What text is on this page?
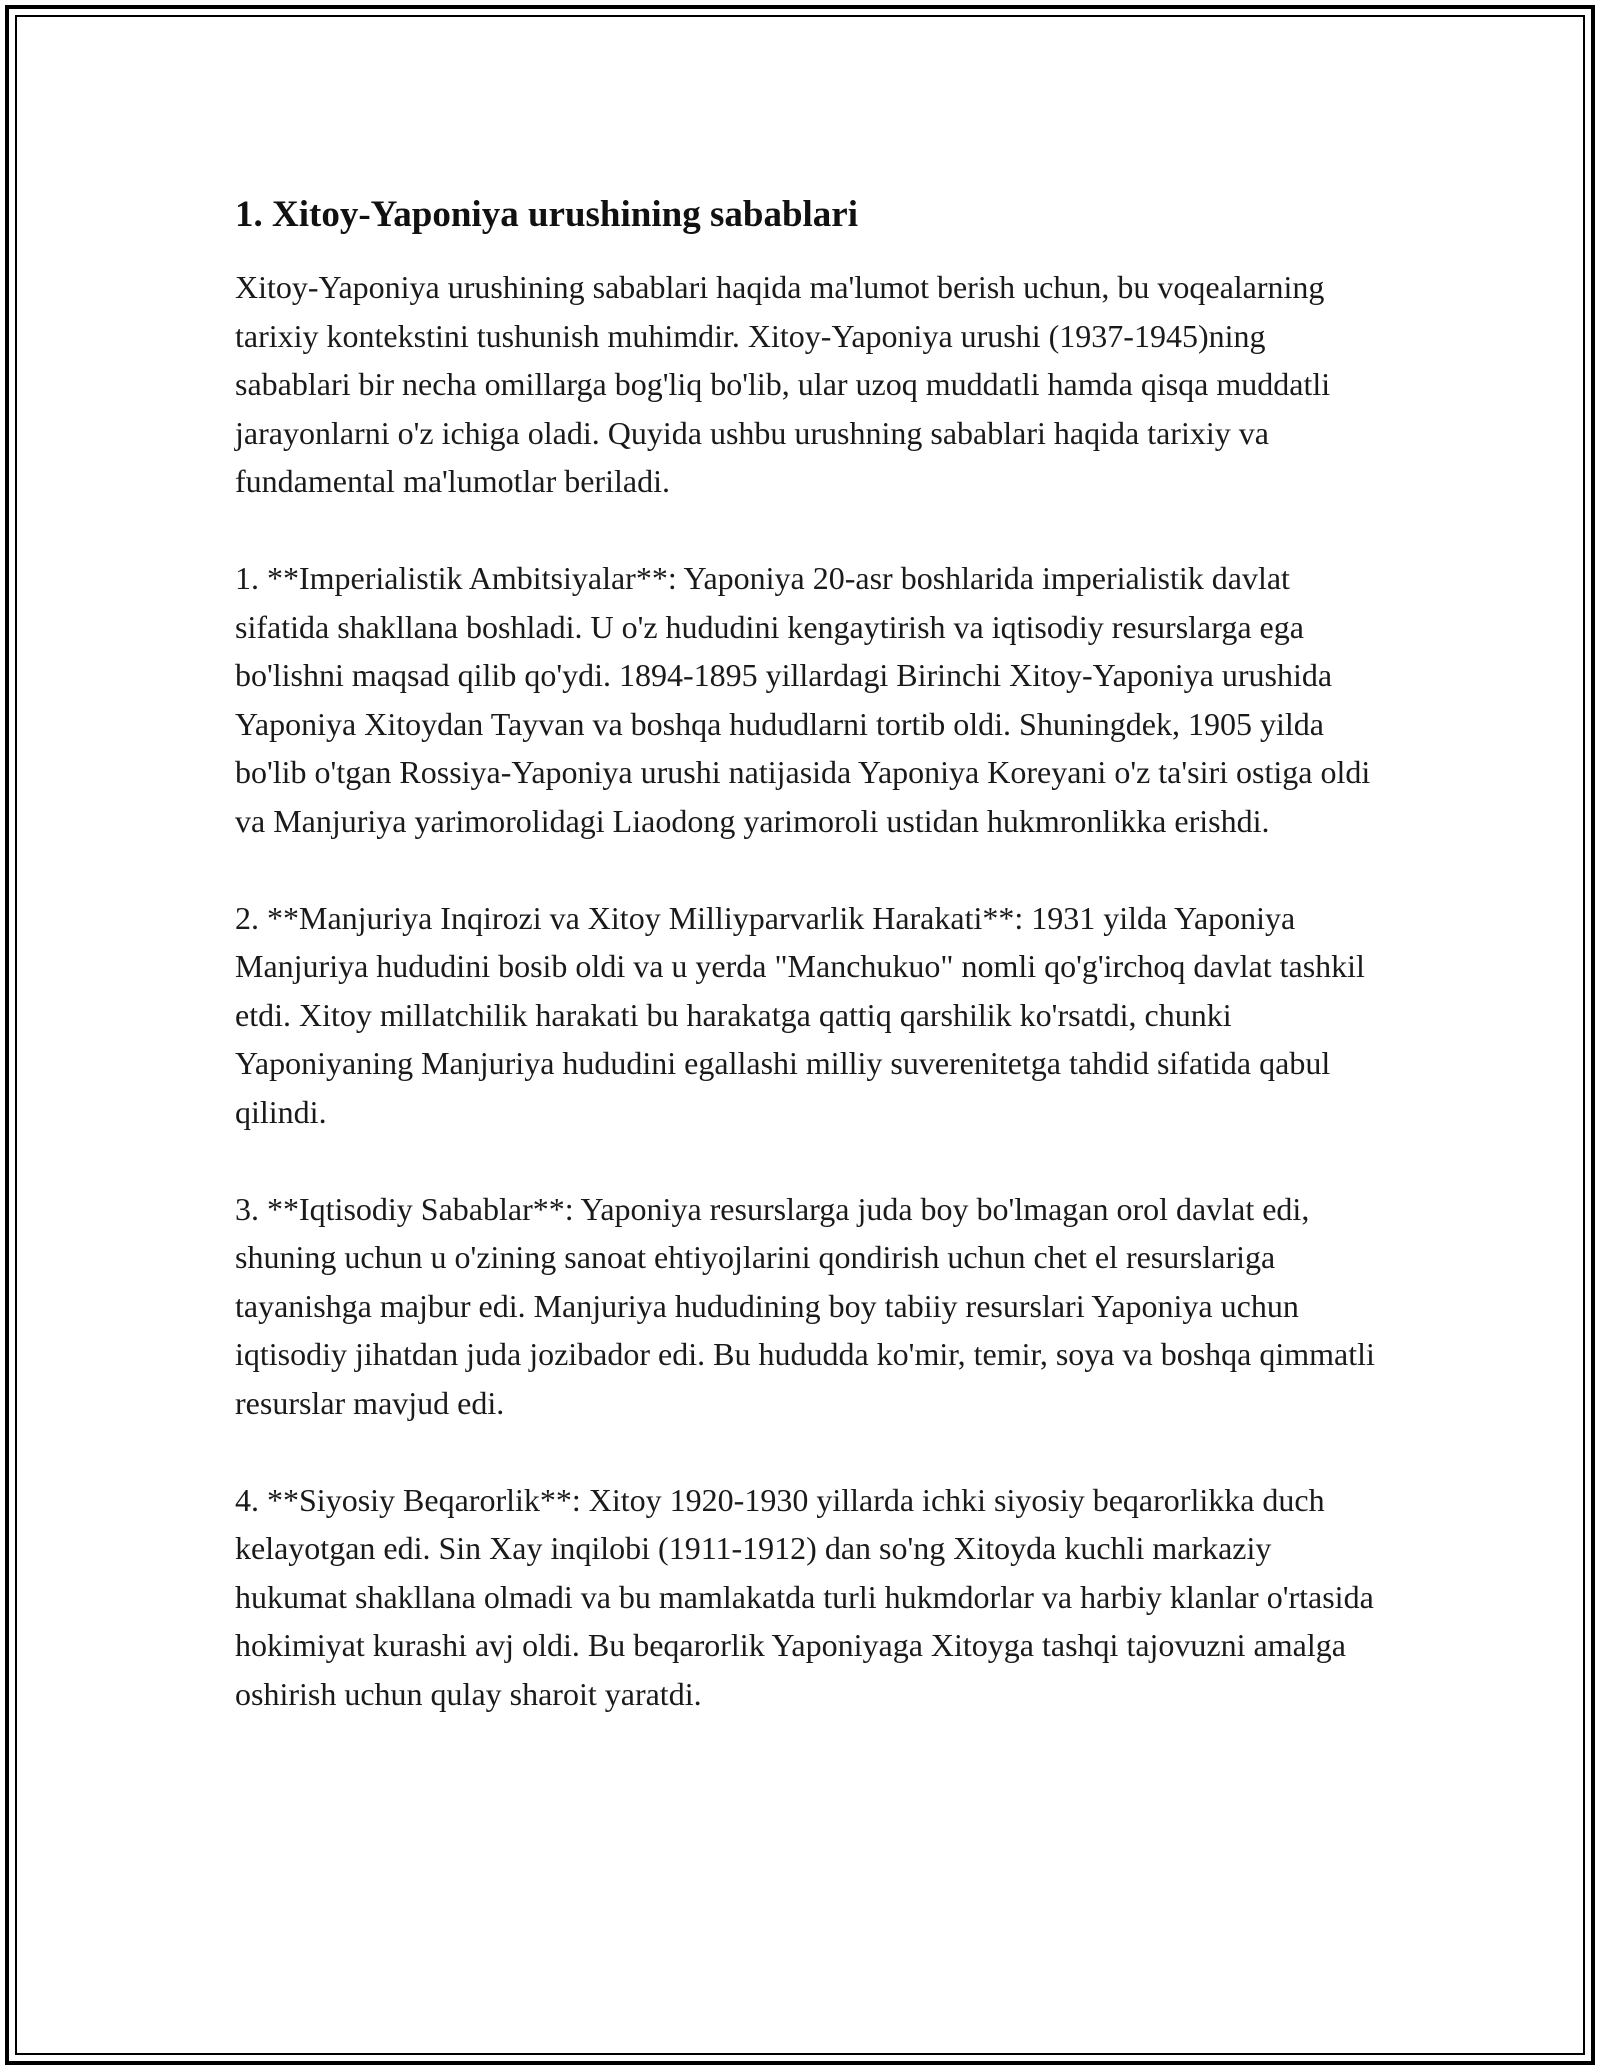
1. Xitoy-Yaponiya urushining sabablari

Xitoy-Yaponiya urushining sabablari haqida ma'lumot berish uchun, bu voqealarning tarixiy kontekstini tushunish muhimdir. Xitoy-Yaponiya urushi (1937-1945)ning sabablari bir necha omillarga bog'liq bo'lib, ular uzoq muddatli hamda qisqa muddatli jarayonlarni o'z ichiga oladi. Quyida ushbu urushning sabablari haqida tarixiy va fundamental ma'lumotlar beriladi.

1. **Imperialistik Ambitsiyalar**: Yaponiya 20-asr boshlarida imperialistik davlat sifatida shakllana boshladi. U o'z hududini kengaytirish va iqtisodiy resurslarga ega bo'lishni maqsad qilib qo'ydi. 1894-1895 yillardagi Birinchi Xitoy-Yaponiya urushida Yaponiya Xitoydan Tayvan va boshqa hududlarni tortib oldi. Shuningdek, 1905 yilda bo'lib o'tgan Rossiya-Yaponiya urushi natijasida Yaponiya Koreyani o'z ta'siri ostiga oldi va Manjuriya yarimorolidagi Liaodong yarimoroli ustidan hukmronlikka erishdi.

2. **Manjuriya Inqirozi va Xitoy Milliyparvarlik Harakati**: 1931 yilda Yaponiya Manjuriya hududini bosib oldi va u yerda "Manchukuo" nomli qo'g'irchoq davlat tashkil etdi. Xitoy millatchilik harakati bu harakatga qattiq qarshilik ko'rsatdi, chunki Yaponiyaning Manjuriya hududini egallashi milliy suverenitetga tahdid sifatida qabul qilindi.

3. **Iqtisodiy Sabablar**: Yaponiya resurslarga juda boy bo'lmagan orol davlat edi, shuning uchun u o'zining sanoat ehtiyojlarini qondirish uchun chet el resurslariga tayanishga majbur edi. Manjuriya hududining boy tabiiy resurslari Yaponiya uchun iqtisodiy jihatdan juda jozibador edi. Bu hududda ko'mir, temir, soya va boshqa qimmatli resurslar mavjud edi.

4. **Siyosiy Beqarorlik**: Xitoy 1920-1930 yillarda ichki siyosiy beqarorlikka duch kelayotgan edi. Sin Xay inqilobi (1911-1912) dan so'ng Xitoyda kuchli markaziy hukumat shakllana olmadi va bu mamlakatda turli hukmdorlar va harbiy klanlar o'rtasida hokimiyat kurashi avj oldi. Bu beqarorlik Yaponiyaga Xitoyga tashqi tajovuzni amalga oshirish uchun qulay sharoit yaratdi.
